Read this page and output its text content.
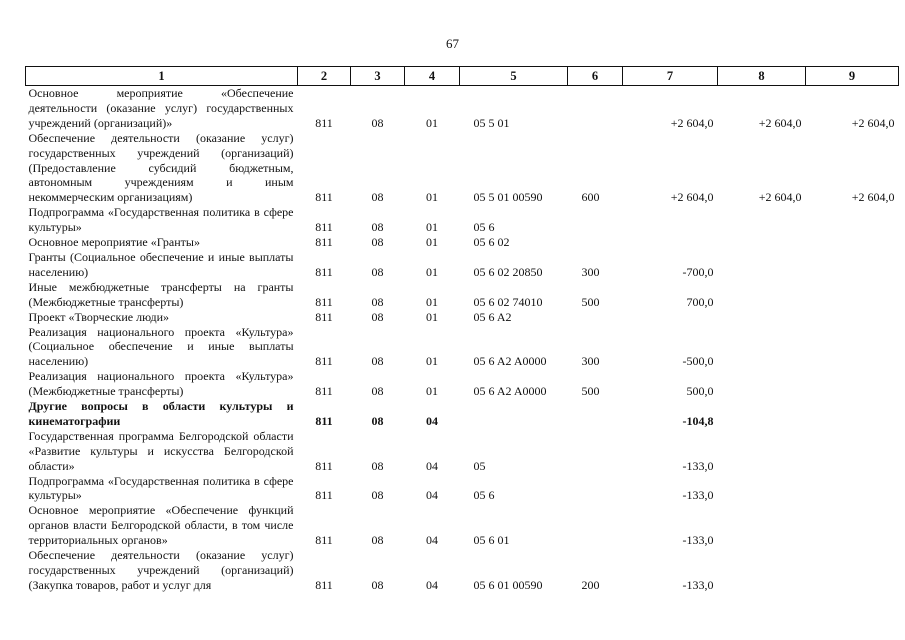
67
1	2	3	4	5	6	7	8	9
Основное мероприятие «Обеспечение деятельности (оказание услуг) государственных учреждений (организаций)»	811	08	01	05 5 01		+2 604,0	+2 604,0	+2 604,0
Обеспечение деятельности (оказание услуг) государственных учреждений (организаций) (Предоставление субсидий бюджетным, автономным учреждениям и иным некоммерческим организациям)	811	08	01	05 5 01 00590	600	+2 604,0	+2 604,0	+2 604,0
Подпрограмма «Государственная политика в сфере культуры»	811	08	01	05 6				
Основное мероприятие «Гранты»	811	08	01	05 6 02				
Гранты (Социальное обеспечение и иные выплаты населению)	811	08	01	05 6 02 20850	300	-700,0		
Иные межбюджетные трансферты на гранты (Межбюджетные трансферты)	811	08	01	05 6 02 74010	500	700,0		
Проект «Творческие люди»	811	08	01	05 6 A2				
Реализация национального проекта «Культура» (Социальное обеспечение и иные выплаты населению)	811	08	01	05 6 A2 A0000	300	-500,0		
Реализация национального проекта «Культура» (Межбюджетные трансферты)	811	08	01	05 6 A2 A0000	500	500,0		
Другие вопросы в области культуры и кинематографии	811	08	04			-104,8		
Государственная программа Белгородской области «Развитие культуры и искусства Белгородской области»	811	08	04	05		-133,0		
Подпрограмма «Государственная политика в сфере культуры»	811	08	04	05 6		-133,0		
Основное мероприятие «Обеспечение функций органов власти Белгородской области, в том числе территориальных органов»	811	08	04	05 6 01		-133,0		
Обеспечение деятельности (оказание услуг) государственных учреждений (организаций) (Закупка товаров, работ и услуг для	811	08	04	05 6 01 00590	200	-133,0		
